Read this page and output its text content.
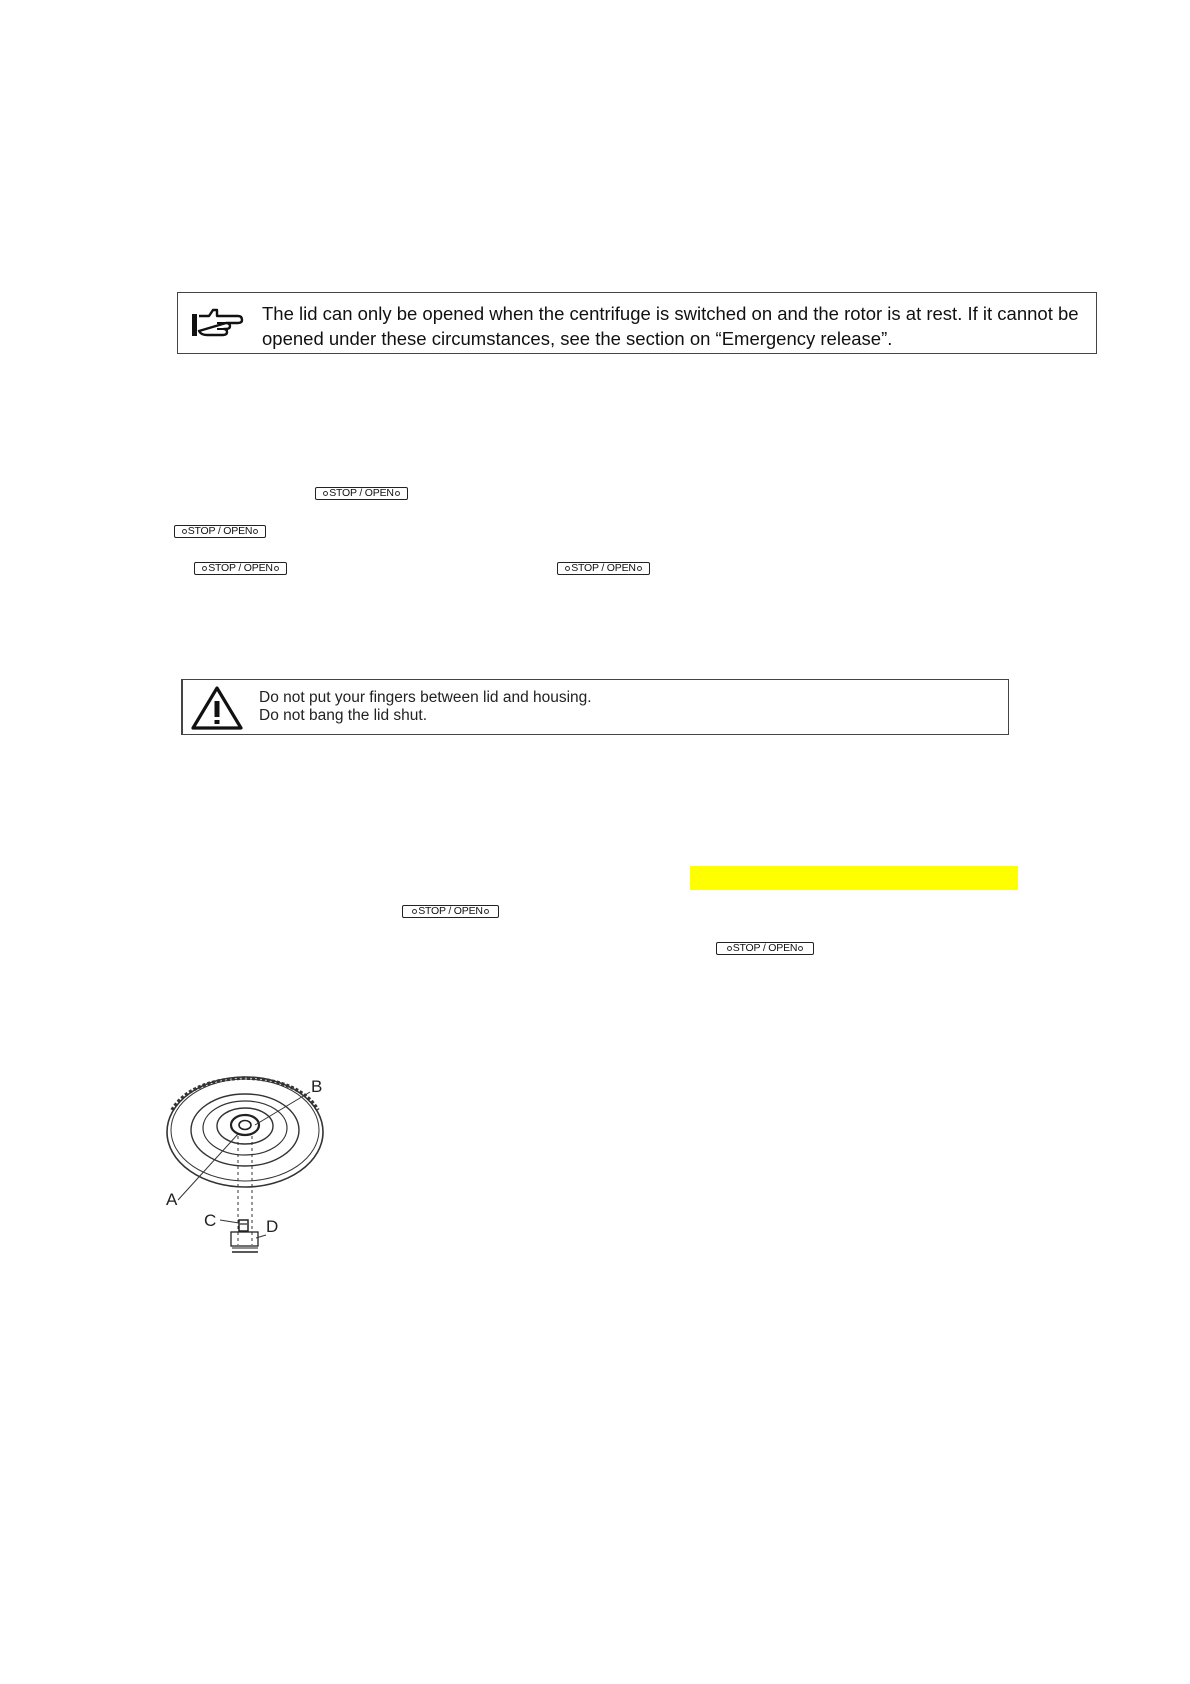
The lid can only be opened when the centrifuge is switched on and the rotor is at rest. If it cannot be
opened under these circumstances, see the section on “Emergency release”.
STOP / OPEN
STOP / OPEN
STOP / OPEN	STOP / OPEN
Do not put your fingers between lid and housing.
Do not bang the lid shut.
STOP / OPEN
STOP / OPEN
A
B
C	D
